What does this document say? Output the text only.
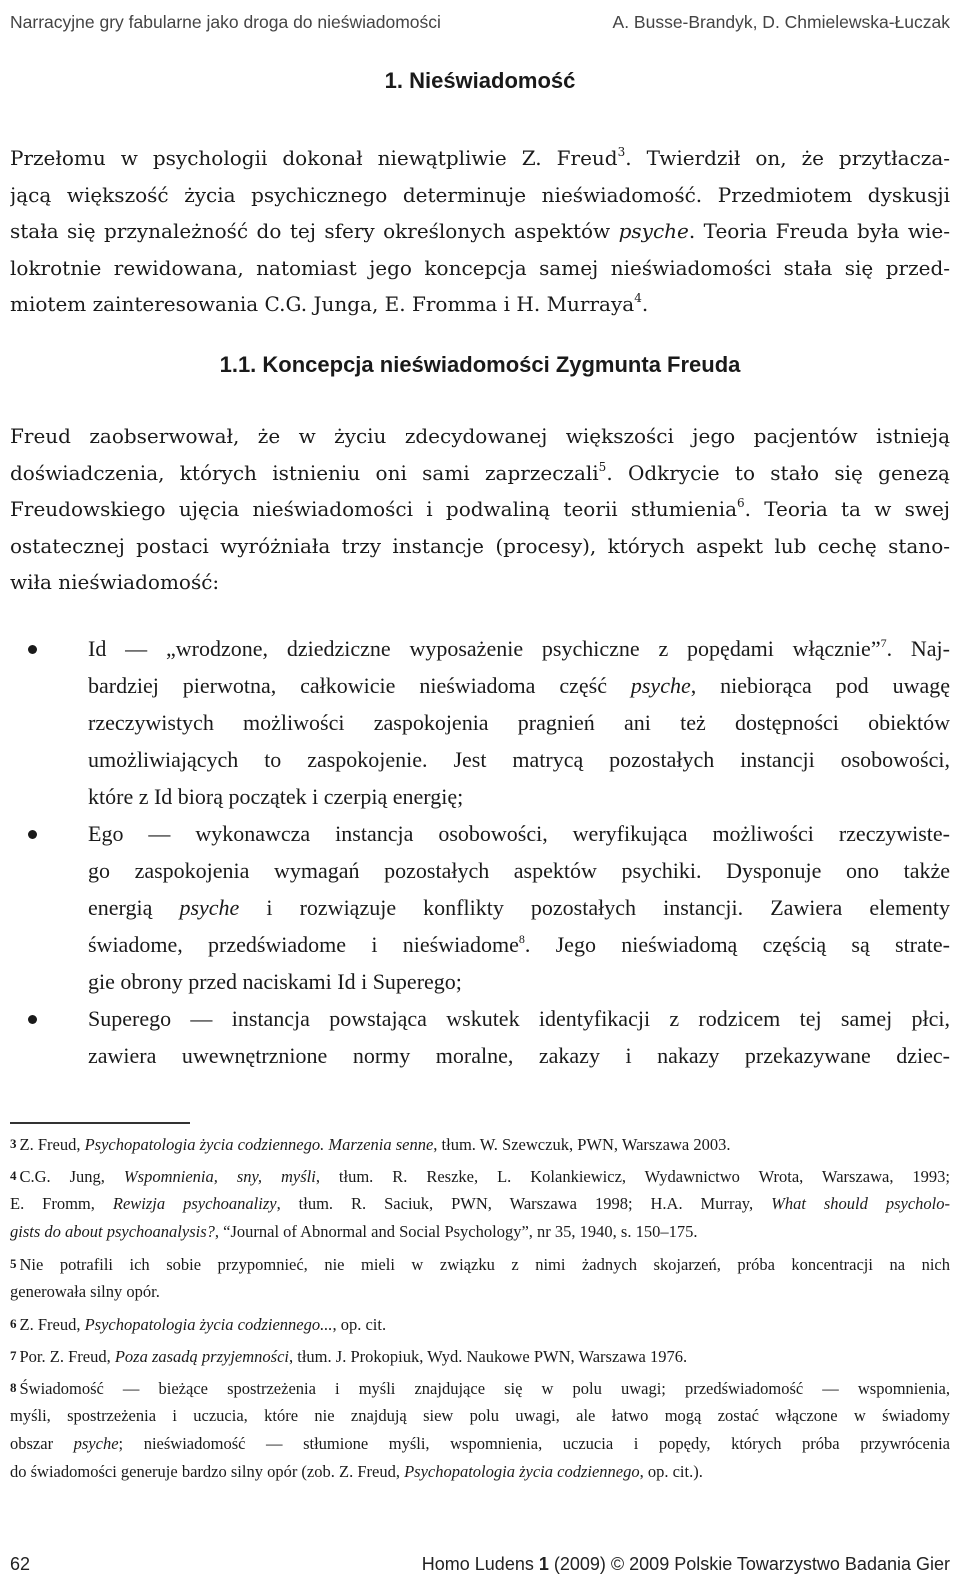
Narracyjne gry fabularne jako droga do nieświadomości	A. Busse-Brandyk, D. Chmielewska-Łuczak
1. Nieświadomość
Przełomu w psychologii dokonał niewątpliwie Z. Freud$^3$. Twierdził on, że przytłacza-
jącą większość życia psychicznego determinuje nieświadomość. Przedmiotem dyskusji
stała się przynależność do tej sfery określonych aspektów psyche. Teoria Freuda była wie-
lokrotnie rewidowana, natomiast jego koncepcja samej nieświadomości stała się przed-
miotem zainteresowania C.G. Junga, E. Fromma i H. Murraya$^4$.
1.1. Koncepcja nieświadomości Zygmunta Freuda
Freud zaobserwował, że w życiu zdecydowanej większości jego pacjentów istnieją
doświadczenia, których istnieniu oni sami zaprzeczali$^5$. Odkrycie to stało się genezą
Freudowskiego ujęcia nieświadomości i podwaliną teorii stłumienia$^6$. Teoria ta w swej
ostatecznej postaci wyróżniała trzy instancje (procesy), których aspekt lub cechę stano-
wiła nieświadomość:
Id — „wrodzone, dziedziczne wyposażenie psychiczne z popędami włącznie”$^7$. Naj-
bardziej pierwotna, całkowicie nieświadoma część psyche, niebiorąca pod uwagę
rzeczywistych możliwości zaspokojenia pragnień ani też dostępności obiektów
umożliwiających to zaspokojenie. Jest matrycą pozostałych instancji osobowości,
które z Id biorą początek i czerpią energię;
Ego — wykonawcza instancja osobowości, weryfikująca możliwości rzeczywiste-
go zaspokojenia wymagań pozostałych aspektów psychiki. Dysponuje ono także
energią psyche i rozwiązuje konflikty pozostałych instancji. Zawiera elementy
świadome, przedświadome i nieświadome$^8$. Jego nieświadomą częścią są strate-
gie obrony przed naciskami Id i Superego;
Superego — instancja powstająca wskutek identyfikacji z rodzicem tej samej płci,
zawiera uwewnętrznione normy moralne, zakazy i nakazy przekazywane dziec-
3 Z. Freud, Psychopatologia życia codziennego. Marzenia senne, tłum. W. Szewczuk, PWN, Warszawa 2003.
4 C.G. Jung, Wspomnienia, sny, myśli, tłum. R. Reszke, L. Kolankiewicz, Wydawnictwo Wrota, Warszawa, 1993;
E. Fromm, Rewizja psychoanalizy, tłum. R. Saciuk, PWN, Warszawa 1998; H.A. Murray, What should psycholo-
gists do about psychoanalysis?, “Journal of Abnormal and Social Psychology”, nr 35, 1940, s. 150–175.
5 Nie potrafili ich sobie przypomnieć, nie mieli w związku z nimi żadnych skojarzeń, próba koncentracji na nich
generowała silny opór.
6 Z. Freud, Psychopatologia życia codziennego..., op. cit.
7 Por. Z. Freud, Poza zasadą przyjemności, tłum. J. Prokopiuk, Wyd. Naukowe PWN, Warszawa 1976.
8 Świadomość — bieżące spostrzeżenia i myśli znajdujące się w polu uwagi; przedświadomość — wspomnienia,
myśli, spostrzeżenia i uczucia, które nie znajdują siew polu uwagi, ale łatwo mogą zostać włączone w świadomy
obszar psyche; nieświadomość — stłumione myśli, wspomnienia, uczucia i popędy, których próba przywrócenia
do świadomości generuje bardzo silny opór (zob. Z. Freud, Psychopatologia życia codziennego, op. cit.).
62	Homo Ludens 1 (2009) © 2009 Polskie Towarzystwo Badania Gier
